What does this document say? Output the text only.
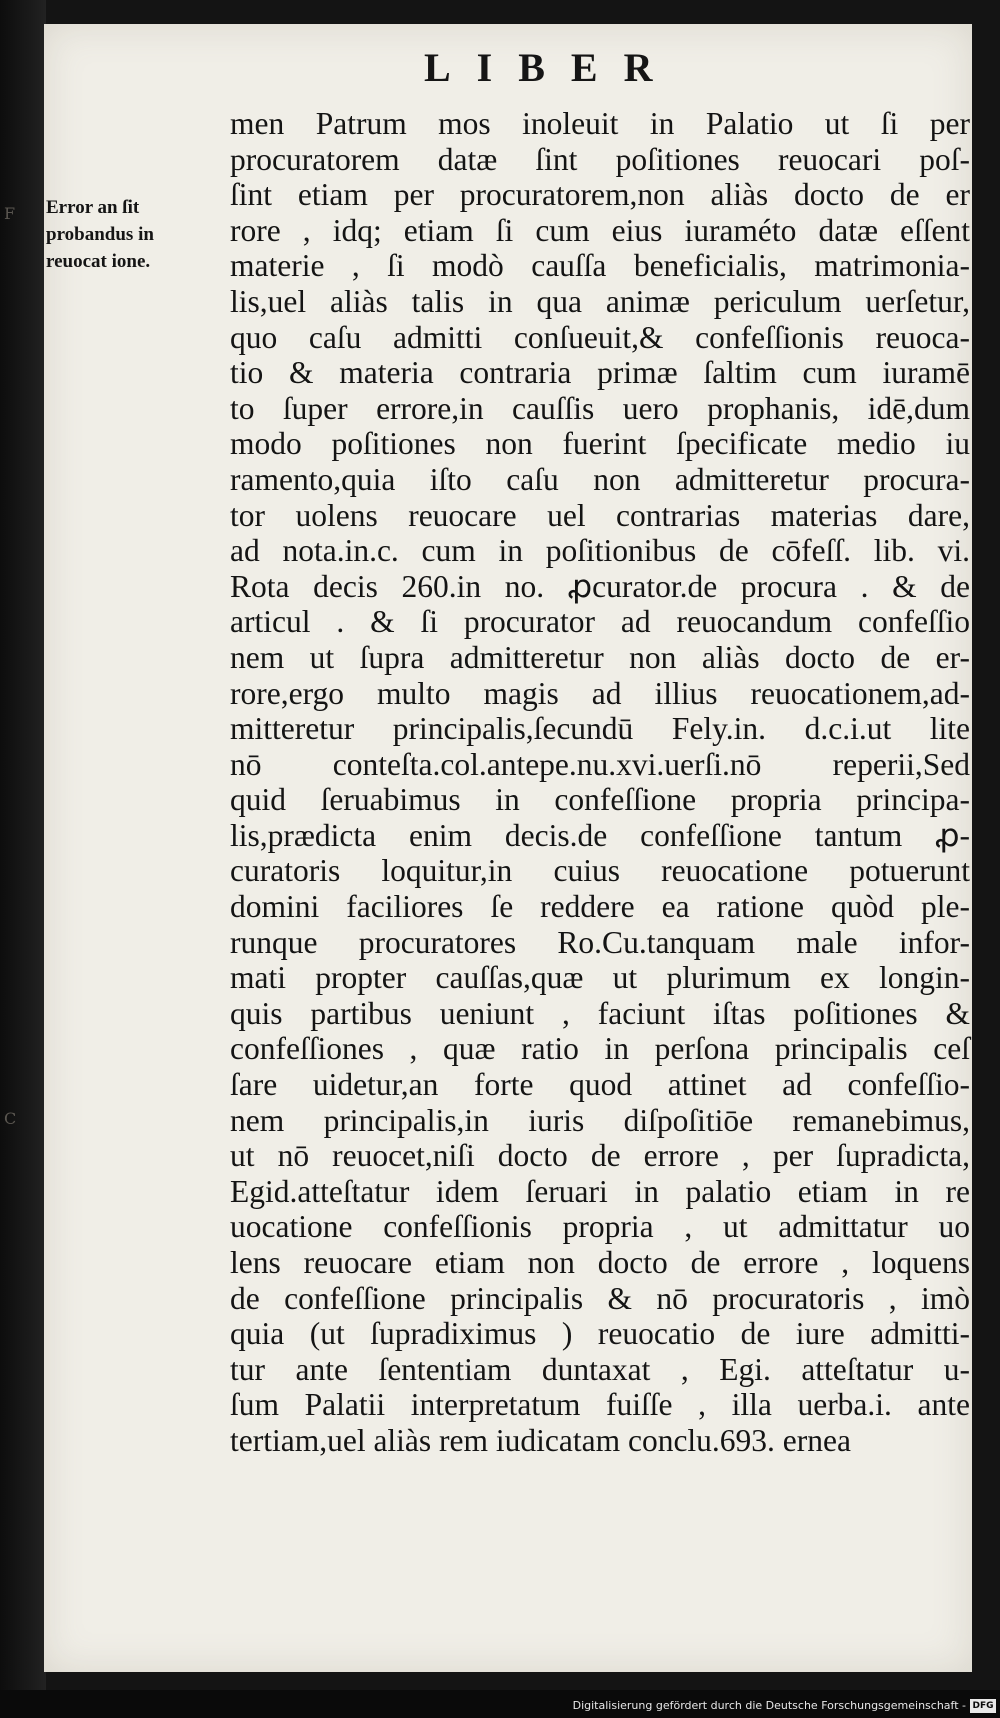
F
C
LIBER
Error an ſit
probandus in
reuocat ione.
men Patrum mos inoleuit in Palatio ut ſi per
procuratorem datæ ſint poſitiones reuocari poſ-
ſint etiam per procuratorem,non aliàs docto de er
rore , idq; etiam ſi cum eius iuraméto datæ eſſent
materie , ſi modò cauſſa beneficialis, matrimonia-
lis,uel aliàs talis in qua animæ periculum uerſetur,
quo caſu admitti conſueuit,& confeſſionis reuoca-
tio & materia contraria primæ ſaltim cum iuramē
to ſuper errore,in cauſſis uero prophanis, idē,dum
modo poſitiones non fuerint ſpecificate medio iu
ramento,quia iſto caſu non admitteretur procura-
tor uolens reuocare uel contrarias materias dare,
ad nota.in.c. cum in poſitionibus de cōfeſſ. lib. vi.
Rota decis 260.in no. ꝓcurator.de procura . & de
articul . & ſi procurator ad reuocandum confeſſio
nem ut ſupra admitteretur non aliàs docto de er-
rore,ergo multo magis ad illius reuocationem,ad-
mitteretur principalis,ſecundū Fely.in. d.c.i.ut lite
nō conteſta.col.antepe.nu.xvi.uerſi.nō reperii,Sed
quid ſeruabimus in confeſſione propria principa-
lis,prædicta enim decis.de confeſſione tantum ꝓ-
curatoris loquitur,in cuius reuocatione potuerunt
domini faciliores ſe reddere ea ratione quòd ple-
runque procuratores Ro.Cu.tanquam male infor-
mati propter cauſſas,quæ ut plurimum ex longin-
quis partibus ueniunt , faciunt iſtas poſitiones &
confeſſiones , quæ ratio in perſona principalis ceſ
ſare uidetur,an forte quod attinet ad confeſſio-
nem principalis,in iuris diſpoſitiōe remanebimus,
ut nō reuocet,niſi docto de errore , per ſupradicta,
Egid.atteſtatur idem ſeruari in palatio etiam in re
uocatione confeſſionis propria , ut admittatur uo
lens reuocare etiam non docto de errore , loquens
de confeſſione principalis & nō procuratoris , imò
quia (ut ſupradiximus ) reuocatio de iure admitti-
tur ante ſententiam duntaxat , Egi. atteſtatur u-
ſum Palatii interpretatum fuiſſe , illa uerba.i. ante
tertiam,uel aliàs rem iudicatam conclu.693. ernea
Digitalisierung gefördert durch die Deutsche Forschungsgemeinschaft - DFG
